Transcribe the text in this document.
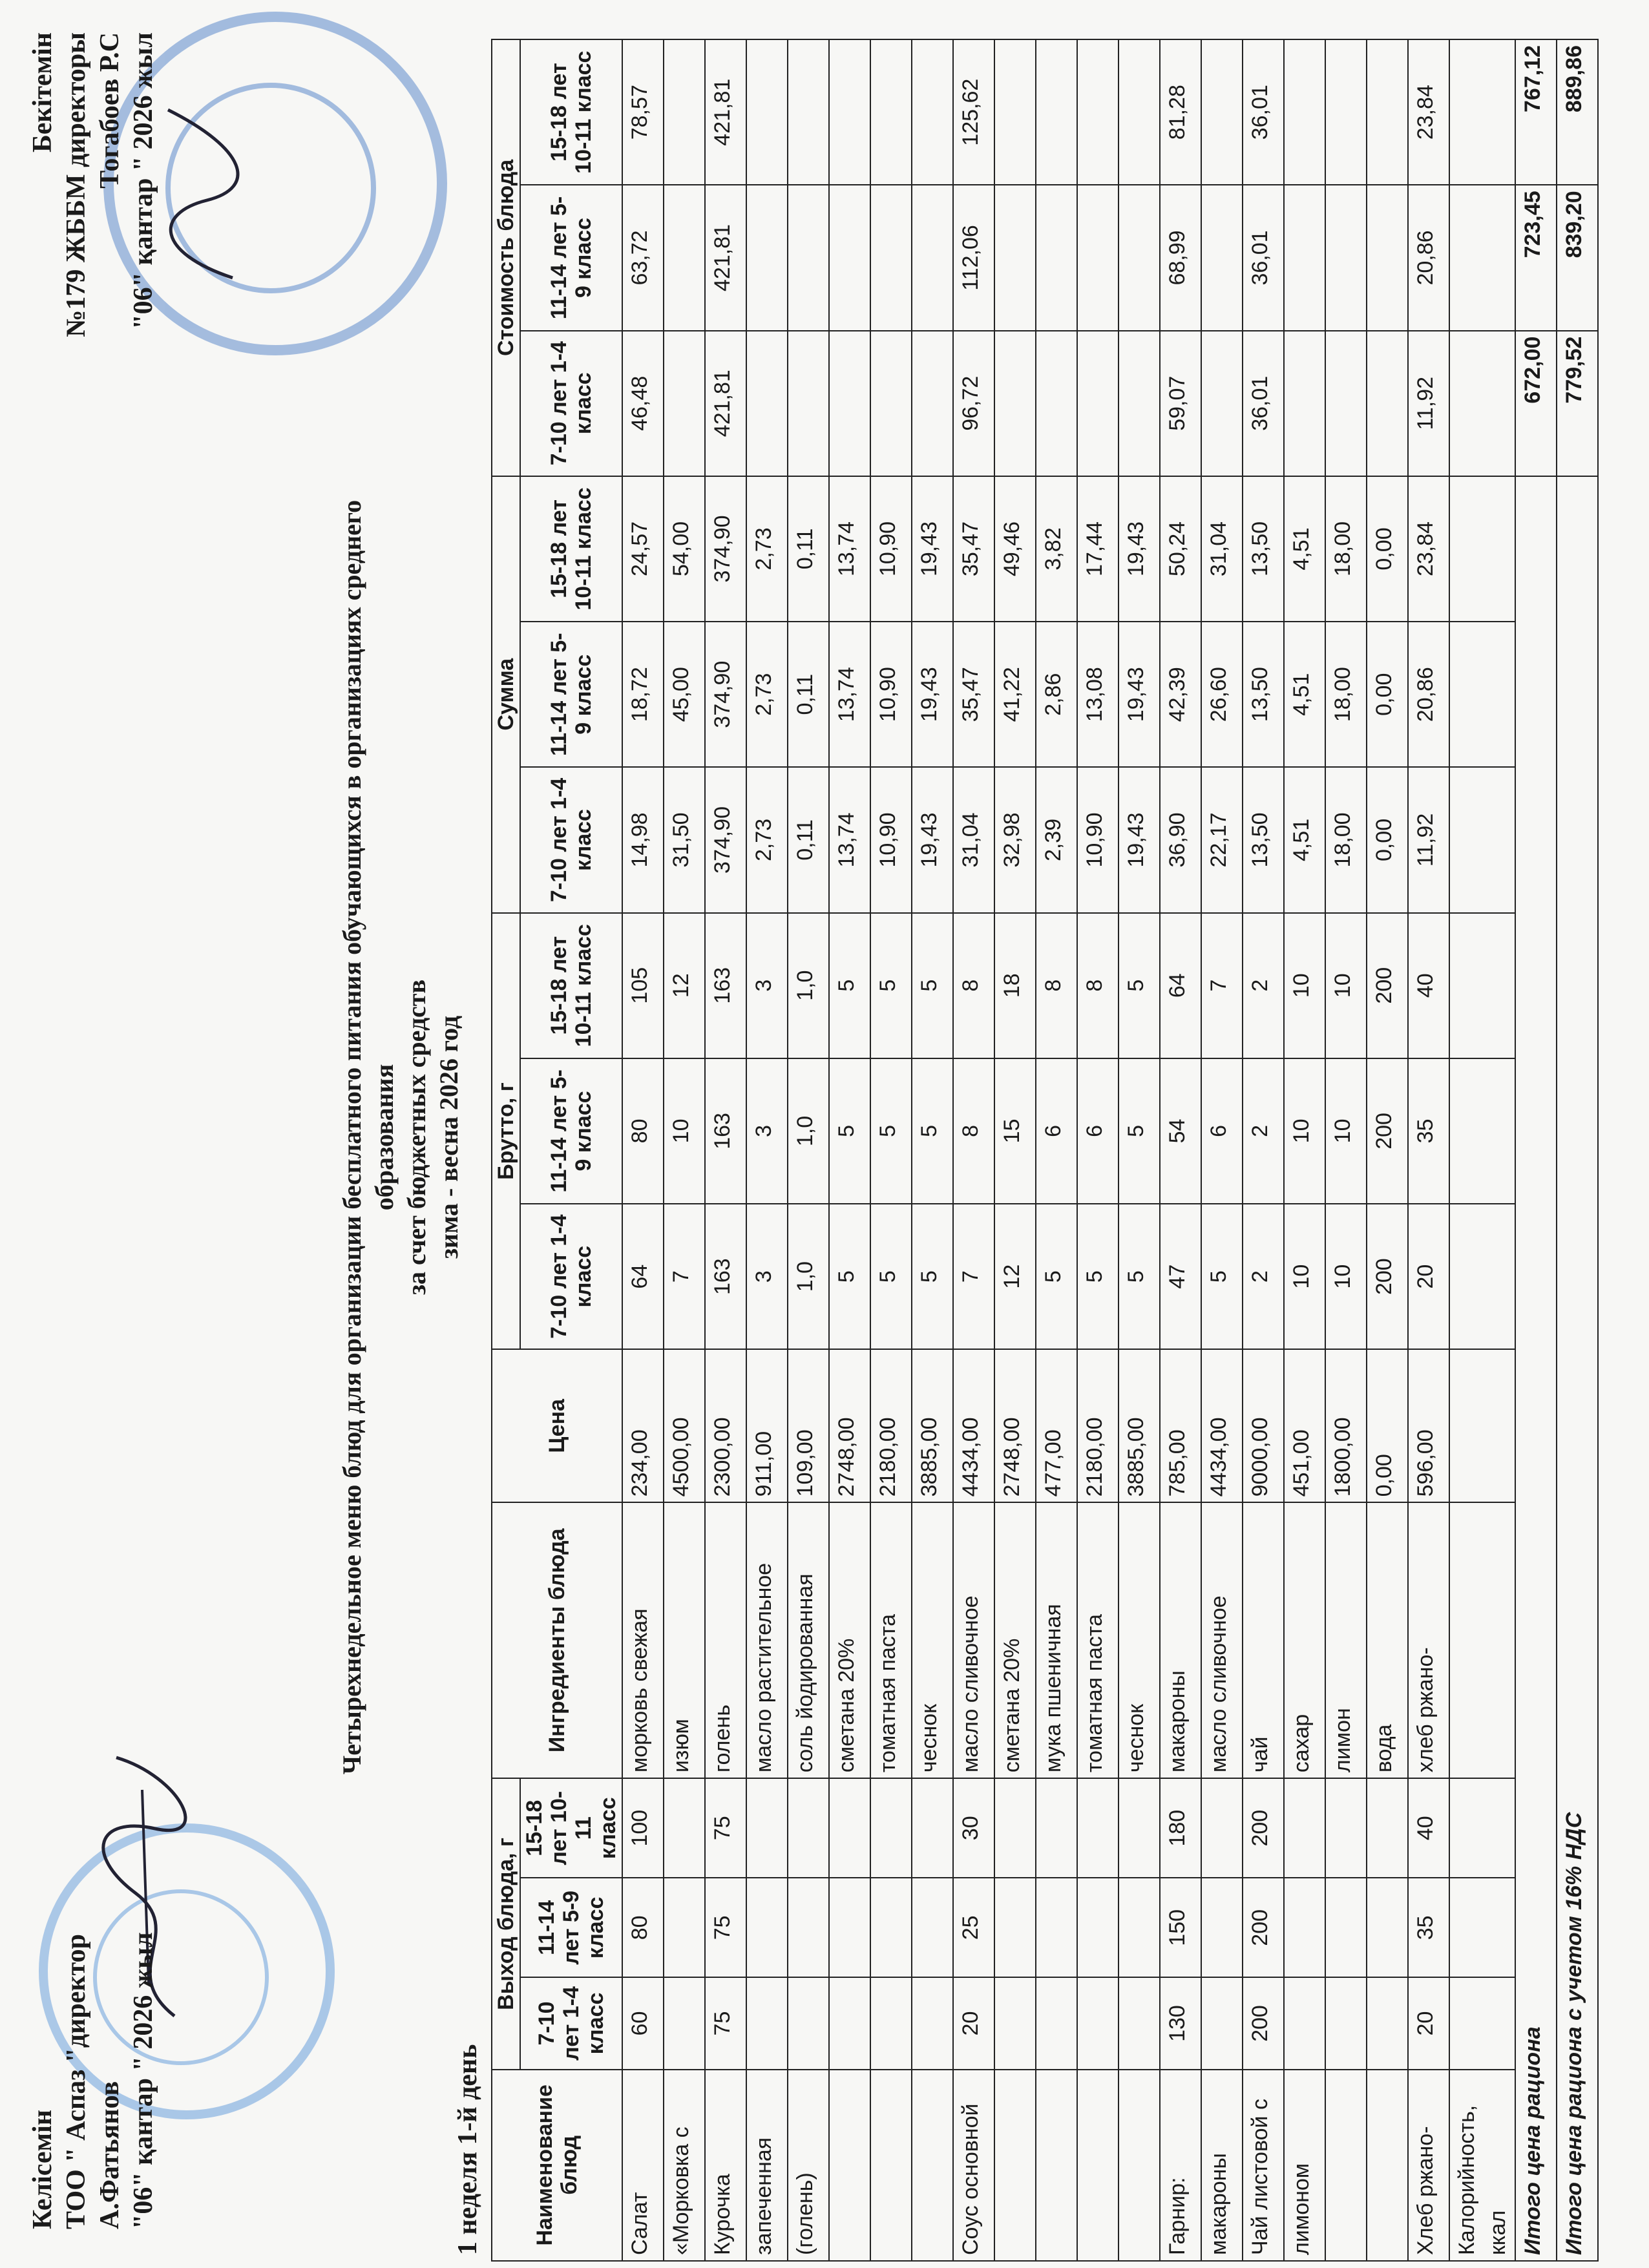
Келісемін ТОО " Аспаз "директор А.Фатьянов "06" қантар " 2026 жыл
Бекітемін №179 ЖББМ директоры Тогабоев Р.С "06" қантар " 2026 жыл
Четырехнедельное меню блюд для организации бесплатного питания обучающихся в организациях среднего образования за счет бюджетных средств зима - весна 2026 год
1 неделя 1-й день Наименование блюд	Выход блюда, г			Ингредиенты блюда	Цена	Брутто, г			Сумма			Стоимость блюда		
	7-10 лет 1-4 класс	11-14 лет 5-9 класс	15-18 лет 10-11 класс			7-10 лет 1-4 класс	11-14 лет 5-9 класс	15-18 лет 10-11 класс	7-10 лет 1-4 класс	11-14 лет 5-9 класс	15-18 лет 10-11 класс	7-10 лет 1-4 класс	11-14 лет 5-9 класс	15-18 лет 10-11 класс
Салат	60	80	100	морковь свежая	234,00	64	80	105	14,98	18,72	24,57	46,48	63,72	78,57
«Морковка с				изюм	4500,00	7	10	12	31,50	45,00	54,00			
Курочка	75	75	75	голень	2300,00	163	163	163	374,90	374,90	374,90	421,81	421,81	421,81
запеченная				масло растительное	911,00	3	3	3	2,73	2,73	2,73			
(голень)				соль йодированная	109,00	1,0	1,0	1,0	0,11	0,11	0,11			
				сметана 20%	2748,00	5	5	5	13,74	13,74	13,74			
				томатная паста	2180,00	5	5	5	10,90	10,90	10,90			
				чеснок	3885,00	5	5	5	19,43	19,43	19,43			
Соус основной	20	25	30	масло сливочное	4434,00	7	8	8	31,04	35,47	35,47	96,72	112,06	125,62
				сметана 20%	2748,00	12	15	18	32,98	41,22	49,46			
				мука пшеничная	477,00	5	6	8	2,39	2,86	3,82			
				томатная паста	2180,00	5	6	8	10,90	13,08	17,44			
				чеснок	3885,00	5	5	5	19,43	19,43	19,43			
Гарнир:	130	150	180	макароны	785,00	47	54	64	36,90	42,39	50,24	59,07	68,99	81,28
макароны				масло сливочное	4434,00	5	6	7	22,17	26,60	31,04			
Чай листовой с	200	200	200	чай	9000,00	2	2	2	13,50	13,50	13,50	36,01	36,01	36,01
лимоном				сахар	451,00	10	10	10	4,51	4,51	4,51			
				лимон	1800,00	10	10	10	18,00	18,00	18,00			
				вода	0,00	200	200	200	0,00	0,00	0,00			
Хлеб ржано-	20	35	40	хлеб ржано-	596,00	20	35	40	11,92	20,86	23,84	11,92	20,86	23,84
Калорийность, ккал														
Итого цена рациона												672,00	723,45	767,12
Итого цена рациона с учетом 16% НДС												779,52	839,20	889,86
